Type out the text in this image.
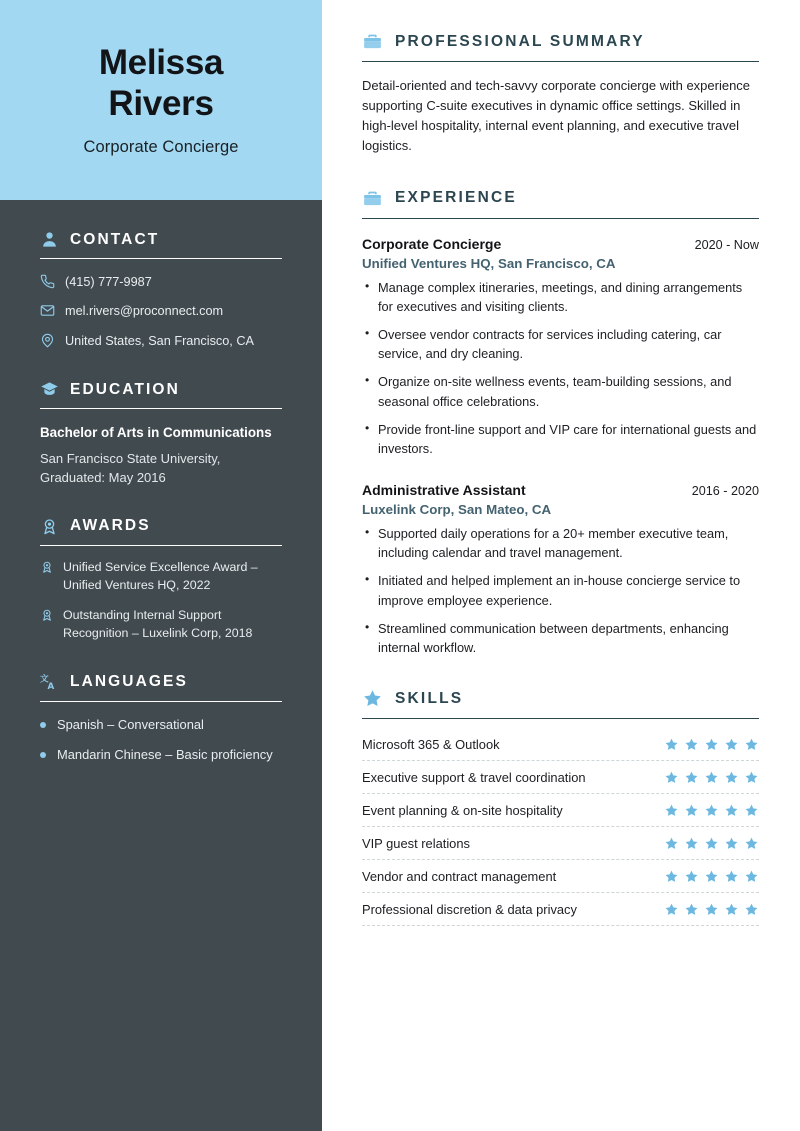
Melissa
Rivers
Corporate Concierge
CONTACT
(415) 777-9987
mel.rivers@proconnect.com
United States, San Francisco, CA
EDUCATION
Bachelor of Arts in Communications
San Francisco State University, Graduated: May 2016
AWARDS
Unified Service Excellence Award – Unified Ventures HQ, 2022
Outstanding Internal Support Recognition – Luxelink Corp, 2018
文
A LANGUAGES
Spanish – Conversational
Mandarin Chinese – Basic proficiency
PROFESSIONAL SUMMARY

Detail-oriented and tech-savvy corporate concierge with experience supporting C-suite executives in dynamic office settings. Skilled in high-level hospitality, internal event planning, and executive travel logistics.

EXPERIENCE
Corporate Concierge	2020 - Now
Unified Ventures HQ, San Francisco, CA
• Manage complex itineraries, meetings, and dining arrangements for executives and visiting clients.
• Oversee vendor contracts for services including catering, car service, and dry cleaning.
• Organize on-site wellness events, team-building sessions, and seasonal office celebrations.
• Provide front-line support and VIP care for international guests and investors.
Administrative Assistant	2016 - 2020
Luxelink Corp, San Mateo, CA
• Supported daily operations for a 20+ member executive team, including calendar and travel management.
• Initiated and helped implement an in-house concierge service to improve employee experience.
• Streamlined communication between departments, enhancing internal workflow.
SKILLS
Microsoft 365 & Outlook
Executive support & travel coordination
Event planning & on-site hospitality
VIP guest relations
Vendor and contract management
Professional discretion & data privacy
